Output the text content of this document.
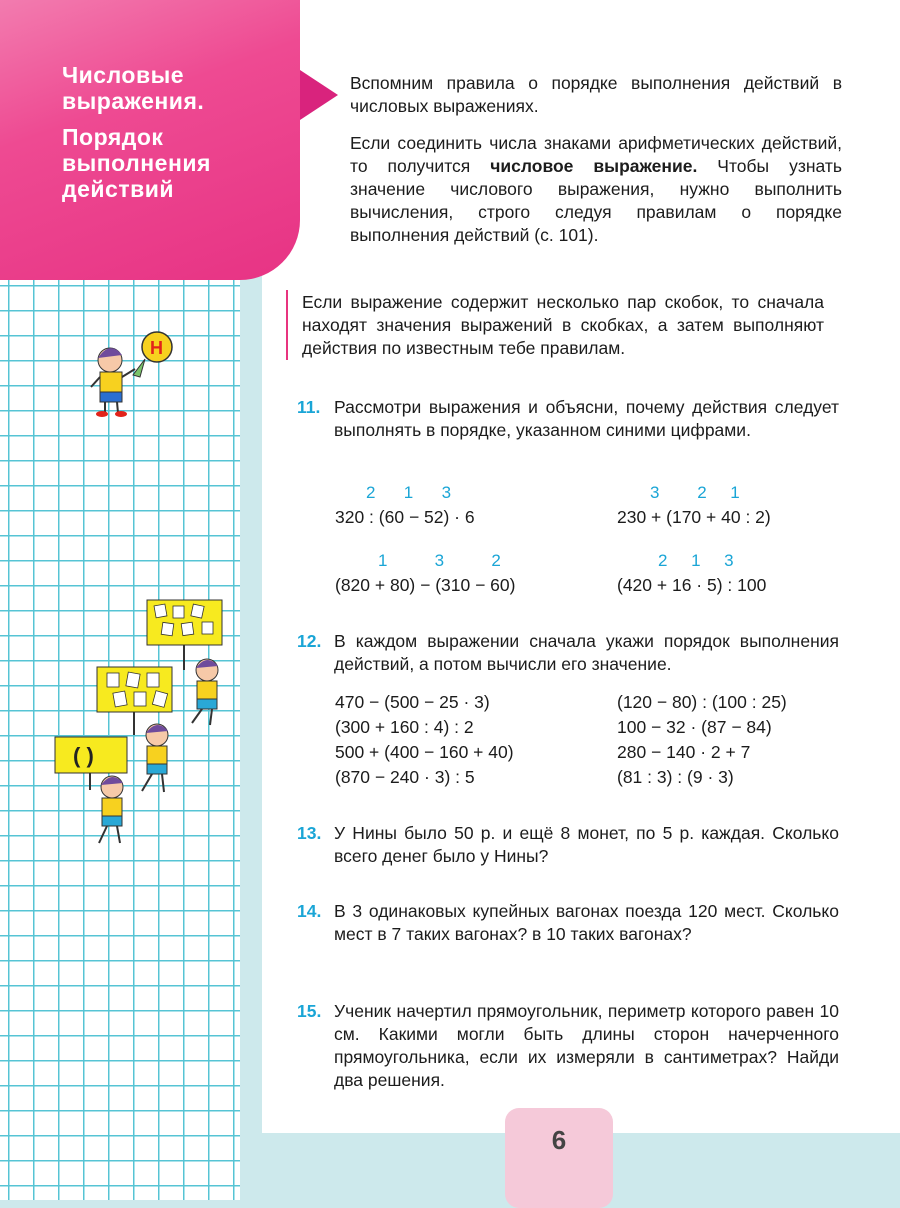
Числовые выражения.

Порядок выполнения действий

Вспомним правила о порядке выполнения действий в числовых выражениях.
Если соединить числа знаками арифметических действий, то получится числовое выражение. Чтобы узнать значение числового выражения, нужно выполнить вычисления, строго следуя правилам о порядке выполнения действий (с. 101).
Если выражение содержит несколько пар скобок, то сначала находят значения выражений в скобках, а затем выполняют действия по известным тебе правилам.
Н
( )
11. Рассмотри выражения и объясни, почему действия следует выполнять в порядке, указанном синими цифрами.
2      1      3
320 : (60 − 52) · 6
3        2     1
230 + (170 + 40 : 2)
1          3          2
(820 + 80) − (310 − 60)
2     1     3
(420 + 16 · 5) : 100
12. В каждом выражении сначала укажи порядок выполнения действий, а потом вычисли его значение.
470 − (500 − 25 · 3)
(300 + 160 : 4) : 2
500 + (400 − 160 + 40)
(870 − 240 · 3) : 5
(120 − 80) : (100 : 25)
100 − 32 · (87 − 84)
280 − 140 · 2 + 7
(81 : 3) : (9 · 3)
13. У Нины было 50 р. и ещё 8 монет, по 5 р. каждая. Сколько всего денег было у Нины?
14. В 3 одинаковых купейных вагонах поезда 120 мест. Сколько мест в 7 таких вагонах? в 10 таких вагонах?
15. Ученик начертил прямоугольник, периметр которого равен 10 см. Какими могли быть длины сторон начерченного прямоугольника, если их измеряли в сантиметрах? Найди два решения.
6
